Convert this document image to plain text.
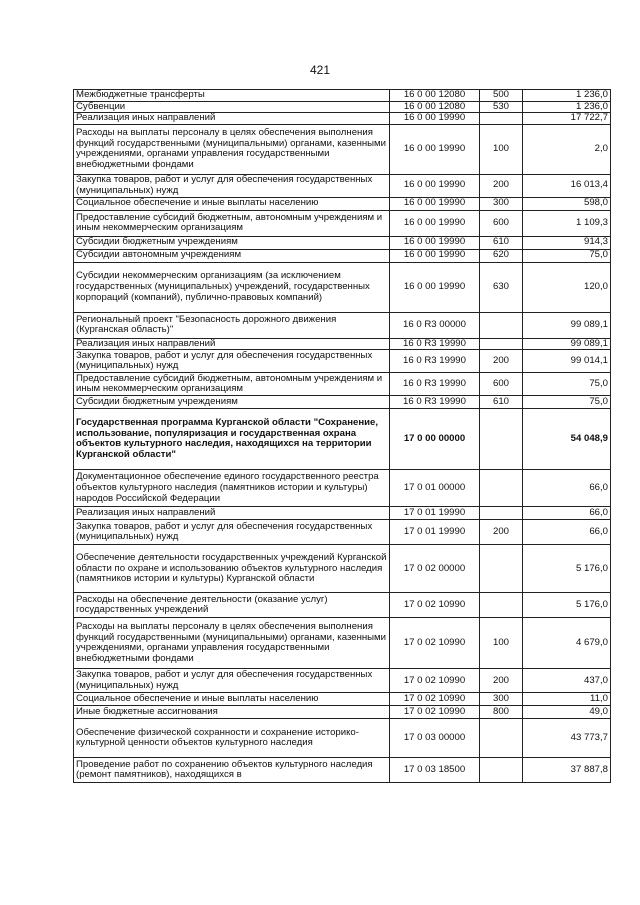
421
Межбюджетные трансферты	16 0 00 12080	500	1 236,0
Субвенции	16 0 00 12080	530	1 236,0
Реализация иных направлений	16 0 00 19990		17 722,7
Расходы на выплаты персоналу в целях обеспечения выполнения функций государственными (муниципальными) органами, казенными учреждениями, органами управления государственными внебюджетными фондами	16 0 00 19990	100	2,0
Закупка товаров, работ и услуг для обеспечения государственных (муниципальных) нужд	16 0 00 19990	200	16 013,4
Социальное обеспечение и иные выплаты населению	16 0 00 19990	300	598,0
Предоставление субсидий бюджетным, автономным учреждениям и иным некоммерческим организациям	16 0 00 19990	600	1 109,3
Субсидии бюджетным учреждениям	16 0 00 19990	610	914,3
Субсидии автономным учреждениям	16 0 00 19990	620	75,0
Субсидии некоммерческим организациям (за исключением государственных (муниципальных) учреждений, государственных корпораций (компаний), публично-правовых компаний)	16 0 00 19990	630	120,0
Региональный проект "Безопасность дорожного движения (Курганская область)"	16 0 R3 00000		99 089,1
Реализация иных направлений	16 0 R3 19990		99 089,1
Закупка товаров, работ и услуг для обеспечения государственных (муниципальных) нужд	16 0 R3 19990	200	99 014,1
Предоставление субсидий бюджетным, автономным учреждениям и иным некоммерческим организациям	16 0 R3 19990	600	75,0
Субсидии бюджетным учреждениям	16 0 R3 19990	610	75,0
Государственная программа Курганской области "Сохранение, использование, популяризация и государственная охрана объектов культурного наследия, находящихся на территории Курганской области"	17 0 00 00000		54 048,9
Документационное обеспечение единого государственного реестра объектов культурного наследия (памятников истории и культуры) народов Российской Федерации	17 0 01 00000		66,0
Реализация иных направлений	17 0 01 19990		66,0
Закупка товаров, работ и услуг для обеспечения государственных (муниципальных) нужд	17 0 01 19990	200	66,0
Обеспечение деятельности государственных учреждений Курганской области по охране и использованию объектов культурного наследия (памятников истории и культуры) Курганской области	17 0 02 00000		5 176,0
Расходы на обеспечение деятельности (оказание услуг) государственных учреждений	17 0 02 10990		5 176,0
Расходы на выплаты персоналу в целях обеспечения выполнения функций государственными (муниципальными) органами, казенными учреждениями, органами управления государственными внебюджетными фондами	17 0 02 10990	100	4 679,0
Закупка товаров, работ и услуг для обеспечения государственных (муниципальных) нужд	17 0 02 10990	200	437,0
Социальное обеспечение и иные выплаты населению	17 0 02 10990	300	11,0
Иные бюджетные ассигнования	17 0 02 10990	800	49,0
Обеспечение физической сохранности и сохранение историко-культурной ценности объектов культурного наследия	17 0 03 00000		43 773,7
Проведение работ по сохранению объектов культурного наследия (ремонт памятников), находящихся в	17 0 03 18500		37 887,8
